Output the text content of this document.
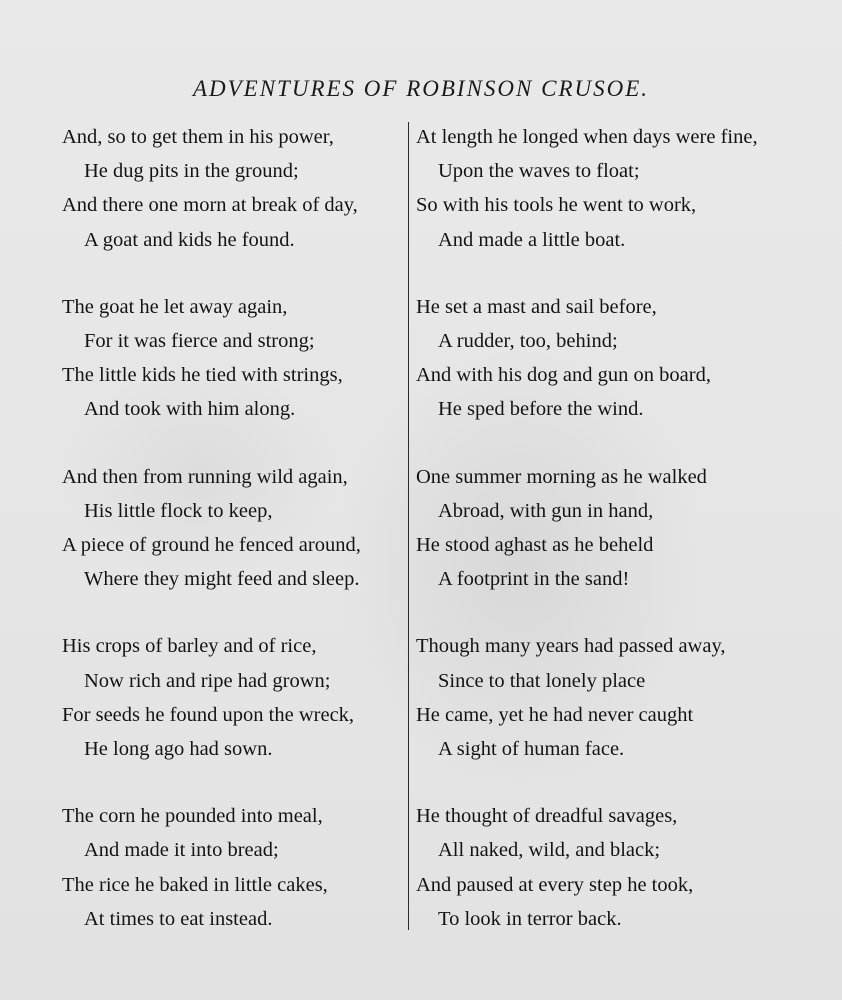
ADVENTURES OF ROBINSON CRUSOE.
And, so to get them in his power,
He dug pits in the ground;
And there one morn at break of day,
A goat and kids he found.
The goat he let away again,
For it was fierce and strong;
The little kids he tied with strings,
And took with him along.
And then from running wild again,
His little flock to keep,
A piece of ground he fenced around,
Where they might feed and sleep.
His crops of barley and of rice,
Now rich and ripe had grown;
For seeds he found upon the wreck,
He long ago had sown.
The corn he pounded into meal,
And made it into bread;
The rice he baked in little cakes,
At times to eat instead.
At length he longed when days were fine,
Upon the waves to float;
So with his tools he went to work,
And made a little boat.
He set a mast and sail before,
A rudder, too, behind;
And with his dog and gun on board,
He sped before the wind.
One summer morning as he walked
Abroad, with gun in hand,
He stood aghast as he beheld
A footprint in the sand!
Though many years had passed away,
Since to that lonely place
He came, yet he had never caught
A sight of human face.
He thought of dreadful savages,
All naked, wild, and black;
And paused at every step he took,
To look in terror back.
